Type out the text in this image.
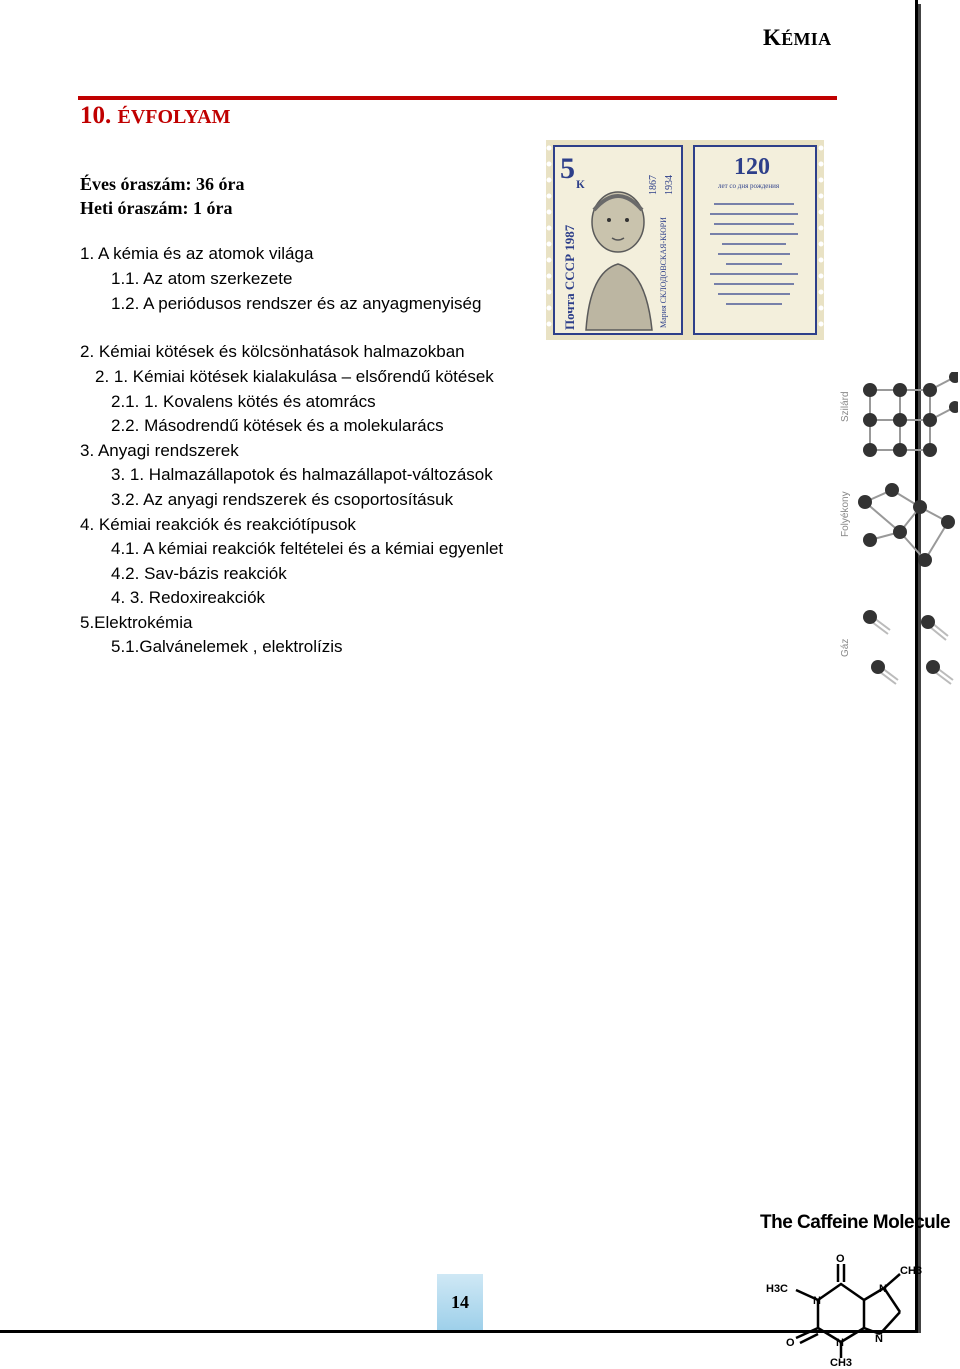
KÉMIA
10. ÉVFOLYAM
Éves óraszám: 36 óra
Heti óraszám: 1 óra
1. A kémia és az atomok világa
1.1. Az atom szerkezete
1.2. A periódusos rendszer és az anyagmenyiség
2. Kémiai kötések és kölcsönhatások halmazokban
2. 1. Kémiai kötések kialakulása – elsőrendű kötések
2.1. 1. Kovalens kötés és atomrács
2.2. Másodrendű kötések és a molekularács
3. Anyagi rendszerek
3. 1. Halmazállapotok és halmazállapot-változások
3.2. Az anyagi rendszerek és csoportosításuk
4. Kémiai reakciók és reakciótípusok
4.1. A kémiai reakciók feltételei és a kémiai egyenlet
4.2. Sav-bázis reakciók
4. 3. Redoxireakciók
5.Elektrokémia
5.1.Galvánelemek , elektrolízis
5 К
Почта СССР 1987
1867 1934
Мария СКЛОДОВСКАЯ-КЮРИ
120
лет со дня рождения
Szilárd
Folyékony
Gáz
The Caffeine Molecule
O
H3C
N
N
CH3
N
O	N
CH3
14
